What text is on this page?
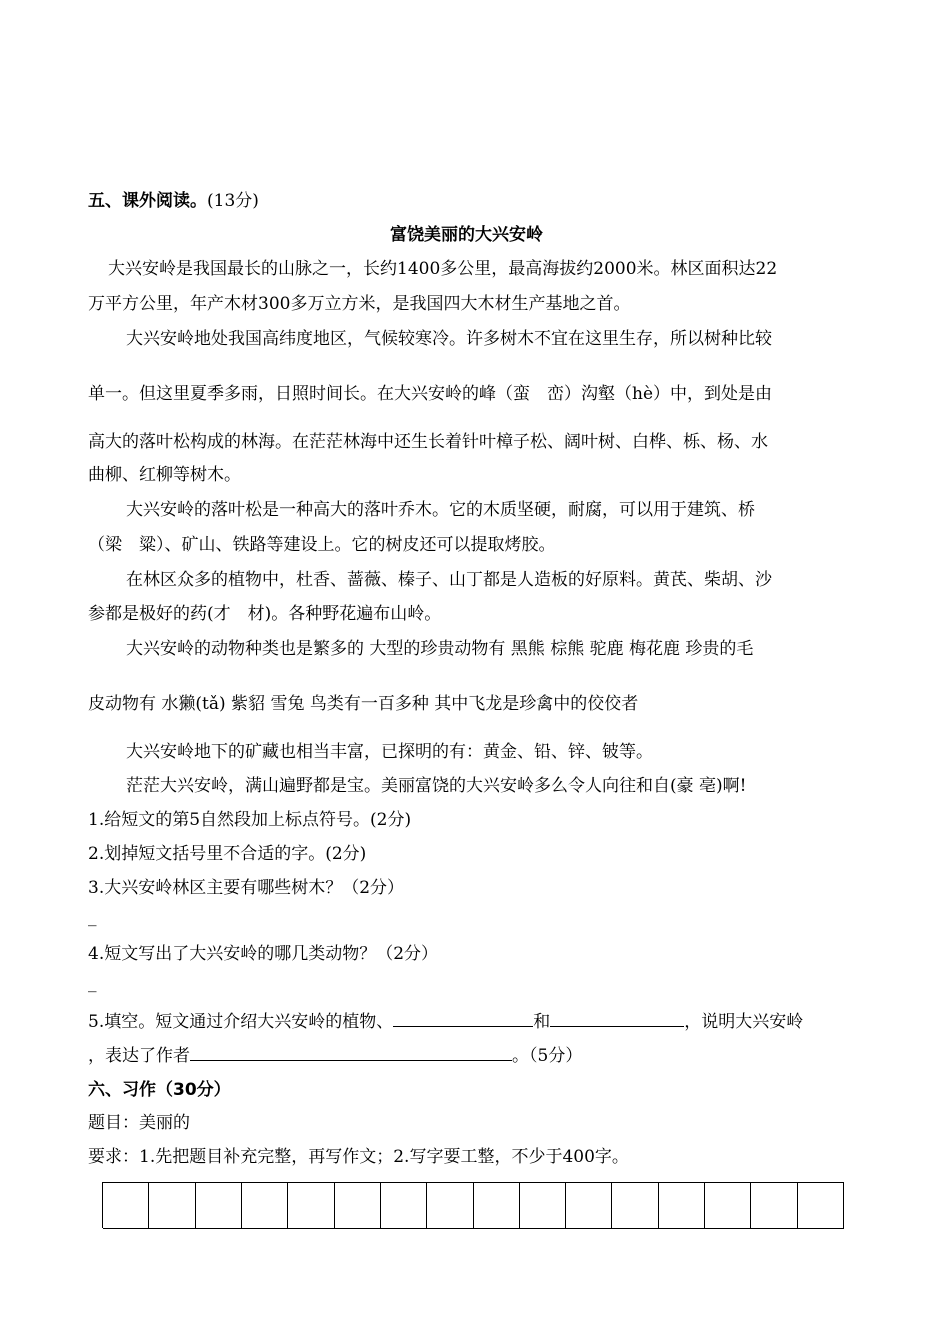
五、课外阅读。(13分)
富饶美丽的大兴安岭
大兴安岭是我国最长的山脉之一，长约1400多公里，最高海拔约2000米。林区面积达22
万平方公里，年产木材300多万立方米，是我国四大木材生产基地之首。
大兴安岭地处我国高纬度地区，气候较寒冷。许多树木不宜在这里生存，所以树种比较
单一。但这里夏季多雨，日照时间长。在大兴安岭的峰（蛮　峦）沟壑（hè）中，到处是由
高大的落叶松构成的林海。在茫茫林海中还生长着针叶樟子松、阔叶树、白桦、栎、杨、水
曲柳、红柳等树木。
大兴安岭的落叶松是一种高大的落叶乔木。它的木质坚硬，耐腐，可以用于建筑、桥
（梁　粱）、矿山、铁路等建设上。它的树皮还可以提取烤胶。
在林区众多的植物中，杜香、蔷薇、榛子、山丁都是人造板的好原料。黄芪、柴胡、沙
参都是极好的药(才　材)。各种野花遍布山岭。
大兴安岭的动物种类也是繁多的 大型的珍贵动物有 黑熊 棕熊 驼鹿 梅花鹿 珍贵的毛
皮动物有 水獭(tǎ) 紫貂 雪兔 鸟类有一百多种 其中飞龙是珍禽中的佼佼者
大兴安岭地下的矿藏也相当丰富，已探明的有：黄金、铅、锌、铍等。
茫茫大兴安岭，满山遍野都是宝。美丽富饶的大兴安岭多么令人向往和自(豪 亳)啊!
1.给短文的第5自然段加上标点符号。(2分)
2.划掉短文括号里不合适的字。(2分)
3.大兴安岭林区主要有哪些树木？（2分）
_
4.短文写出了大兴安岭的哪几类动物？（2分）
_
5.填空。短文通过介绍大兴安岭的植物、	和	，说明大兴安岭
，表达了作者	。（5分）
六、习作（30分）
题目：美丽的
要求：1.先把题目补充完整，再写作文；2.写字要工整，不少于400字。
